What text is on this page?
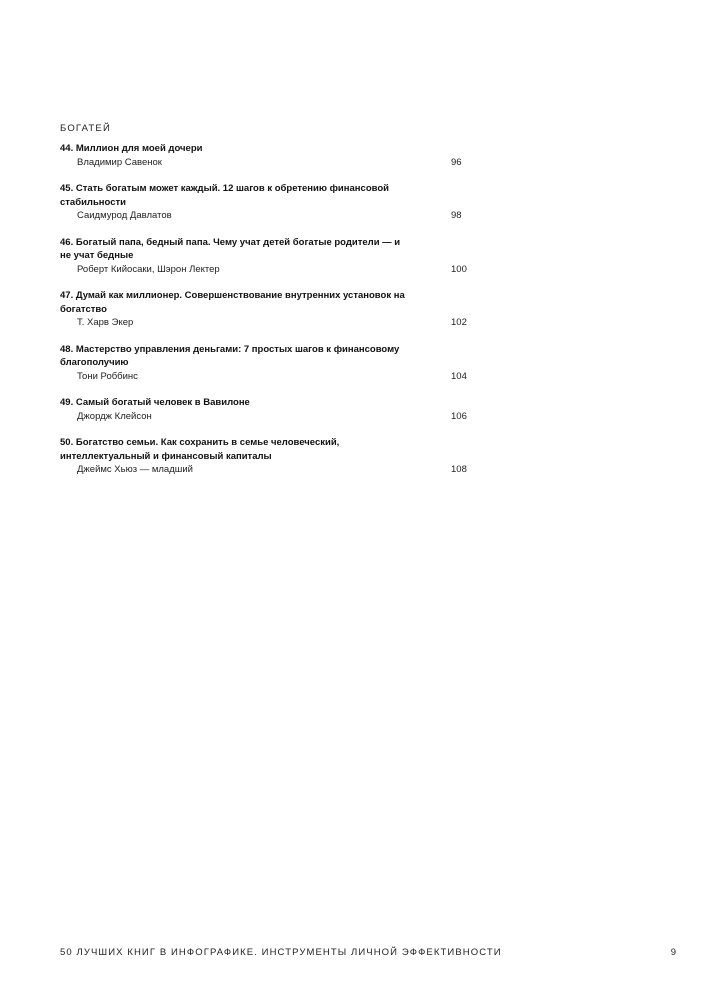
БОГАТЕЙ
44. Миллион для моей дочери
Владимир Савенок	96
45. Стать богатым может каждый. 12 шагов к обретению финансовой стабильности
Саидмурод Давлатов	98
46. Богатый папа, бедный папа. Чему учат детей богатые родители — и не учат бедные
Роберт Кийосаки, Шэрон Лектер	100
47. Думай как миллионер. Совершенствование внутренних установок на богатство
Т. Харв Экер	102
48. Мастерство управления деньгами: 7 простых шагов к финансовому благополучию
Тони Роббинс	104
49. Самый богатый человек в Вавилоне
Джордж Клейсон	106
50. Богатство семьи. Как сохранить в семье человеческий, интеллектуальный и финансовый капиталы
Джеймс Хьюз — младший	108
50 ЛУЧШИХ КНИГ В ИНФОГРАФИКЕ. ИНСТРУМЕНТЫ ЛИЧНОЙ ЭФФЕКТИВНОСТИ	9
